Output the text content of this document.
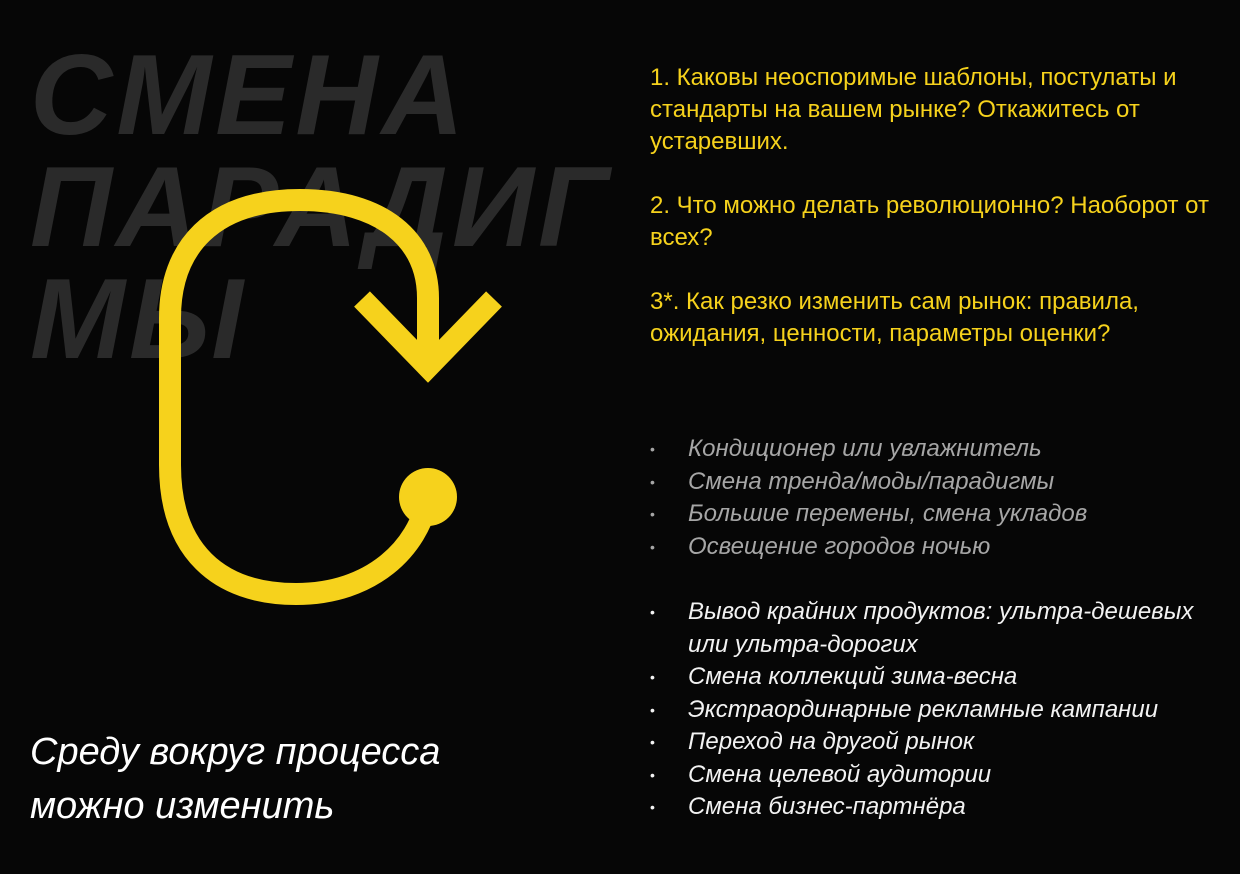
СМЕНА
ПАРАДИГ
МЫ

1. Каковы неоспоримые шаблоны, постулаты и стандарты на вашем рынке? Откажитесь от устаревших.

2. Что можно делать революционно? Наоборот от всех?

3*. Как резко изменить сам рынок: правила, ожидания, ценности, параметры оценки?

• Кондиционер или увлажнитель
• Смена тренда/моды/парадигмы
• Большие перемены, смена укладов
• Освещение городов ночью
• Вывод крайних продуктов: ультра-дешевых или ультра-дорогих
• Смена коллекций зима-весна
• Экстраординарные рекламные кампании
• Переход на другой рынок
• Смена целевой аудитории
• Смена бизнес-партнёра

Среду вокруг процесса
можно изменить
